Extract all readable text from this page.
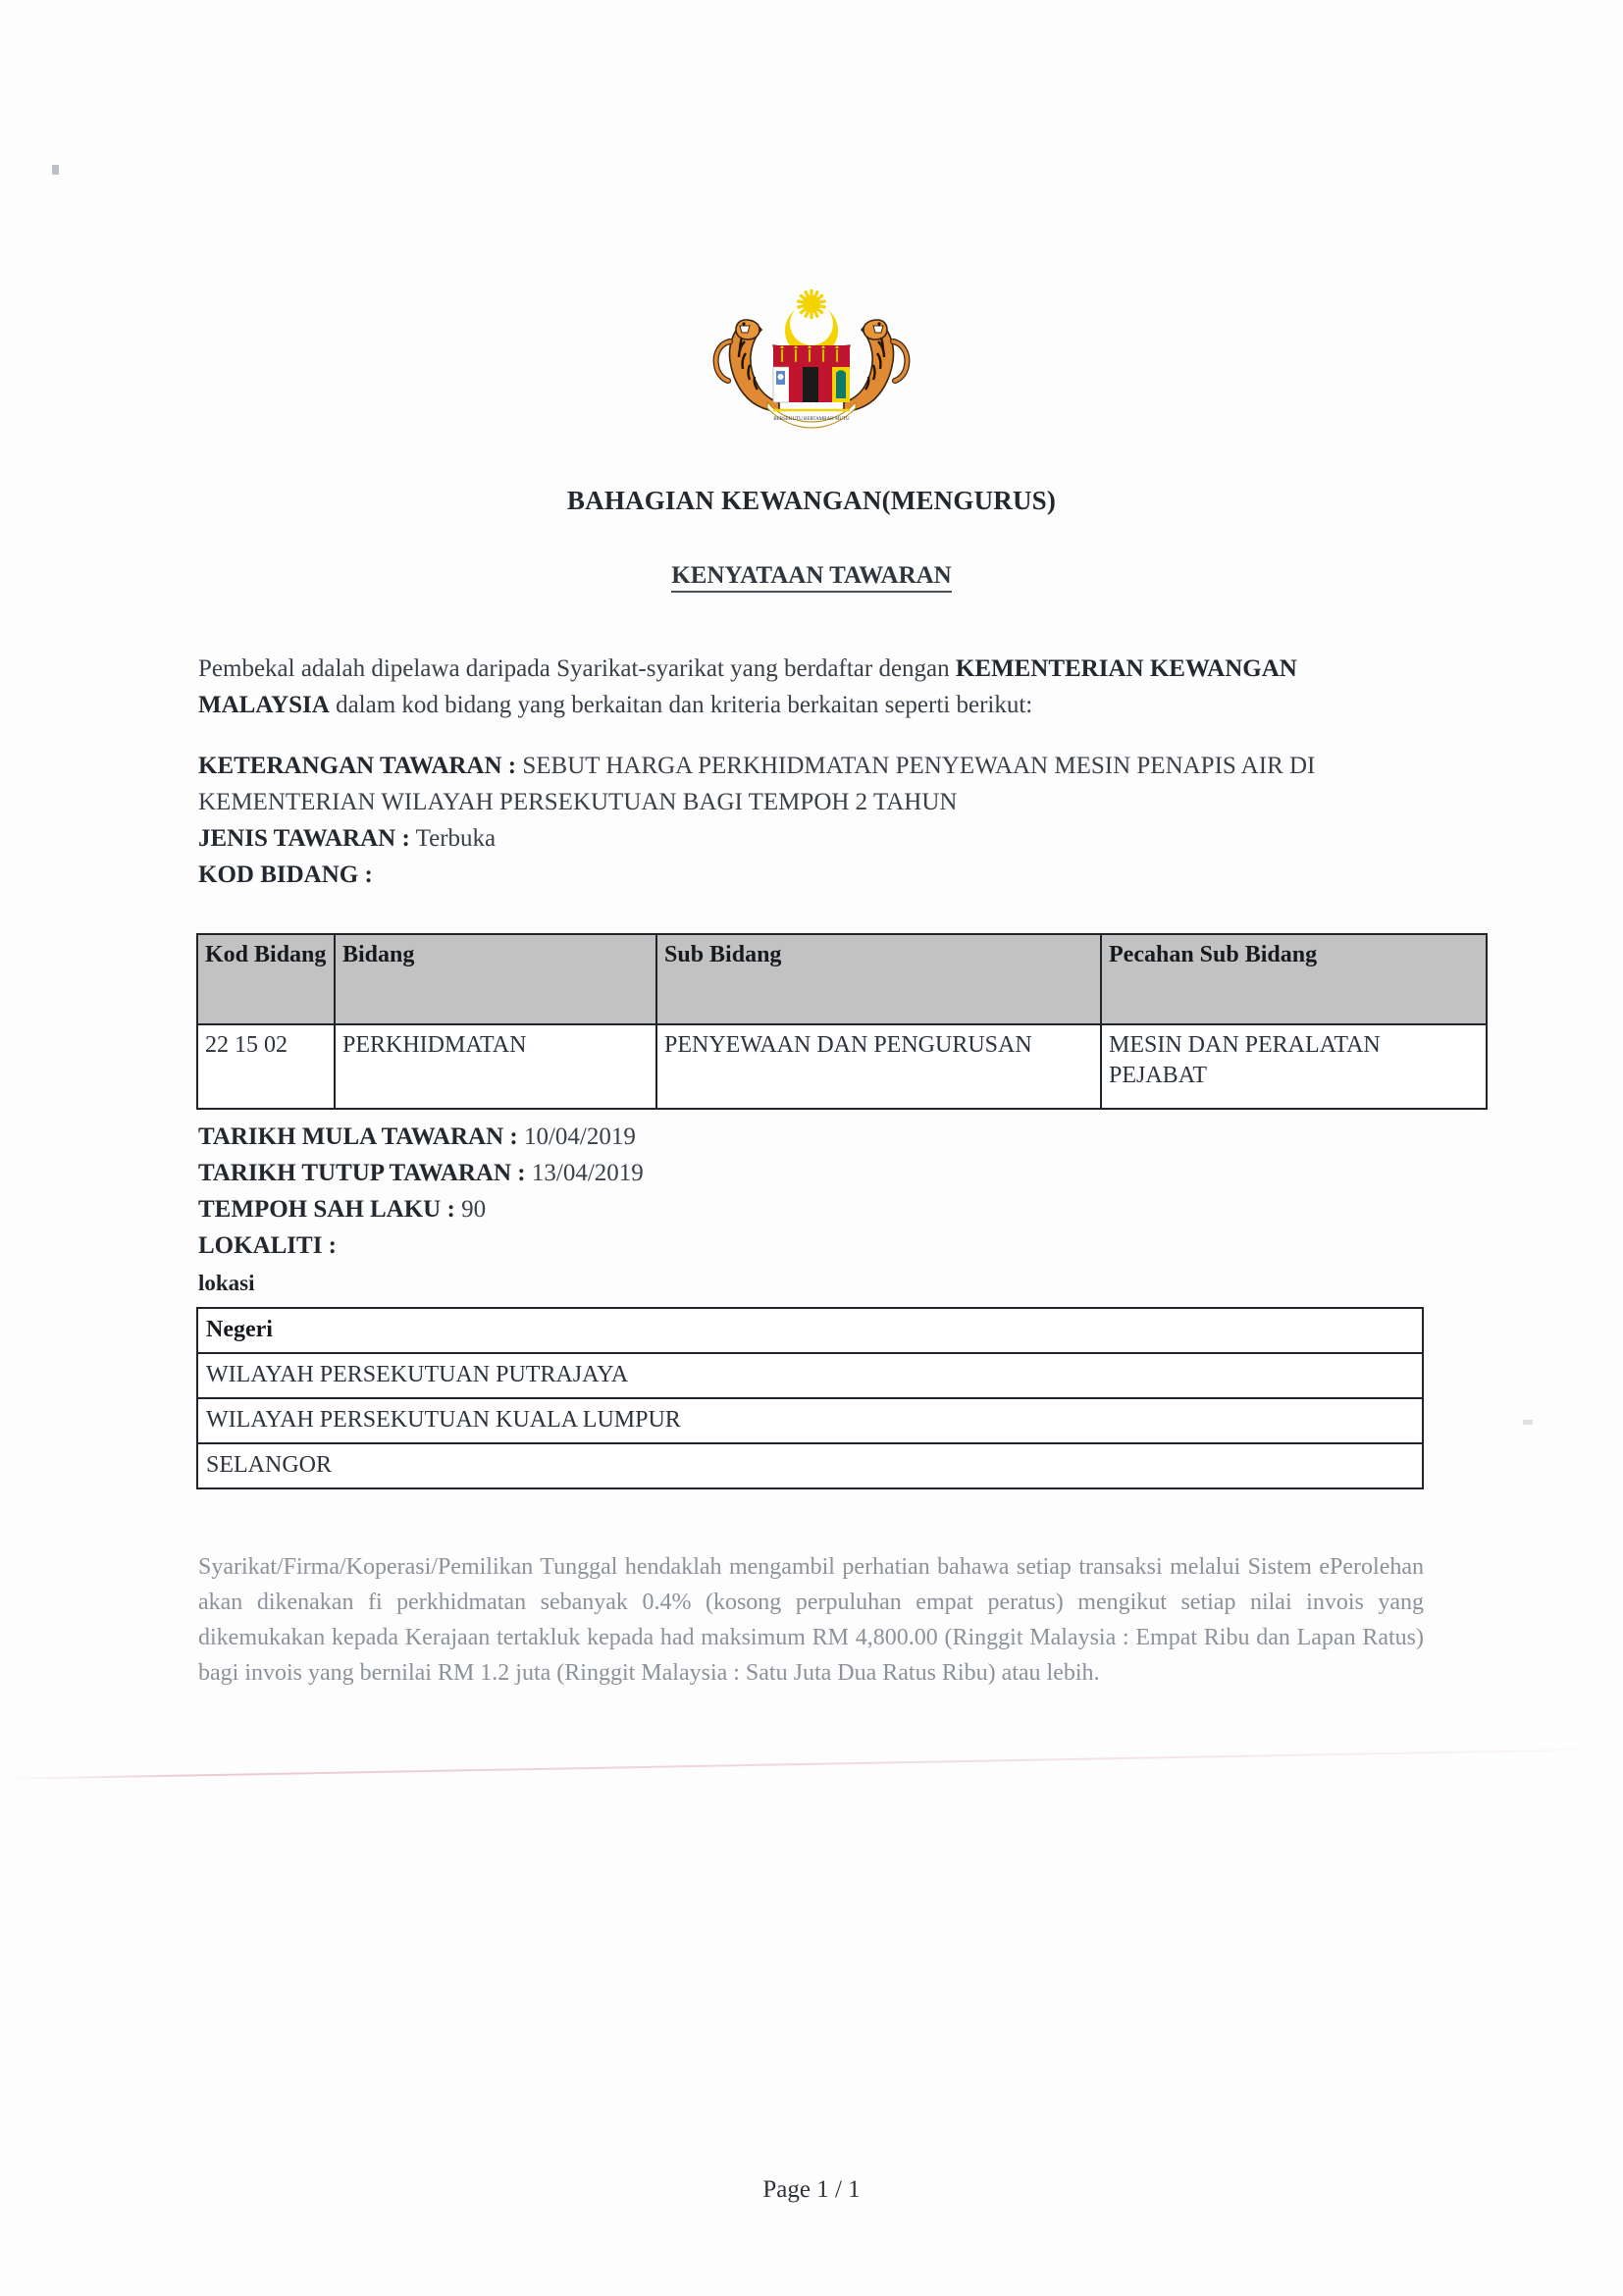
BERSEKUTU BERTAMBAH MUTU
BAHAGIAN KEWANGAN(MENGURUS)
KENYATAAN TAWARAN

Pembekal adalah dipelawa daripada Syarikat-syarikat yang berdaftar dengan KEMENTERIAN KEWANGAN MALAYSIA dalam kod bidang yang berkaitan dan kriteria berkaitan seperti berikut:

KETERANGAN TAWARAN : SEBUT HARGA PERKHIDMATAN PENYEWAAN MESIN PENAPIS AIR DI KEMENTERIAN WILAYAH PERSEKUTUAN BAGI TEMPOH 2 TAHUN
JENIS TAWARAN : Terbuka
KOD BIDANG :
Kod Bidang	Bidang	Sub Bidang	Pecahan Sub Bidang
22 15 02	PERKHIDMATAN	PENYEWAAN DAN PENGURUSAN	MESIN DAN PERALATAN PEJABAT
TARIKH MULA TAWARAN : 10/04/2019
TARIKH TUTUP TAWARAN : 13/04/2019
TEMPOH SAH LAKU : 90
LOKALITI :
lokasi
Negeri
WILAYAH PERSEKUTUAN PUTRAJAYA
WILAYAH PERSEKUTUAN KUALA LUMPUR
SELANGOR

Syarikat/Firma/Koperasi/Pemilikan Tunggal hendaklah mengambil perhatian bahawa setiap transaksi melalui Sistem ePerolehan akan dikenakan fi perkhidmatan sebanyak 0.4% (kosong perpuluhan empat peratus) mengikut setiap nilai invois yang dikemukakan kepada Kerajaan tertakluk kepada had maksimum RM 4,800.00 (Ringgit Malaysia : Empat Ribu dan Lapan Ratus) bagi invois yang bernilai RM 1.2 juta (Ringgit Malaysia : Satu Juta Dua Ratus Ribu) atau lebih.

Page 1 / 1
